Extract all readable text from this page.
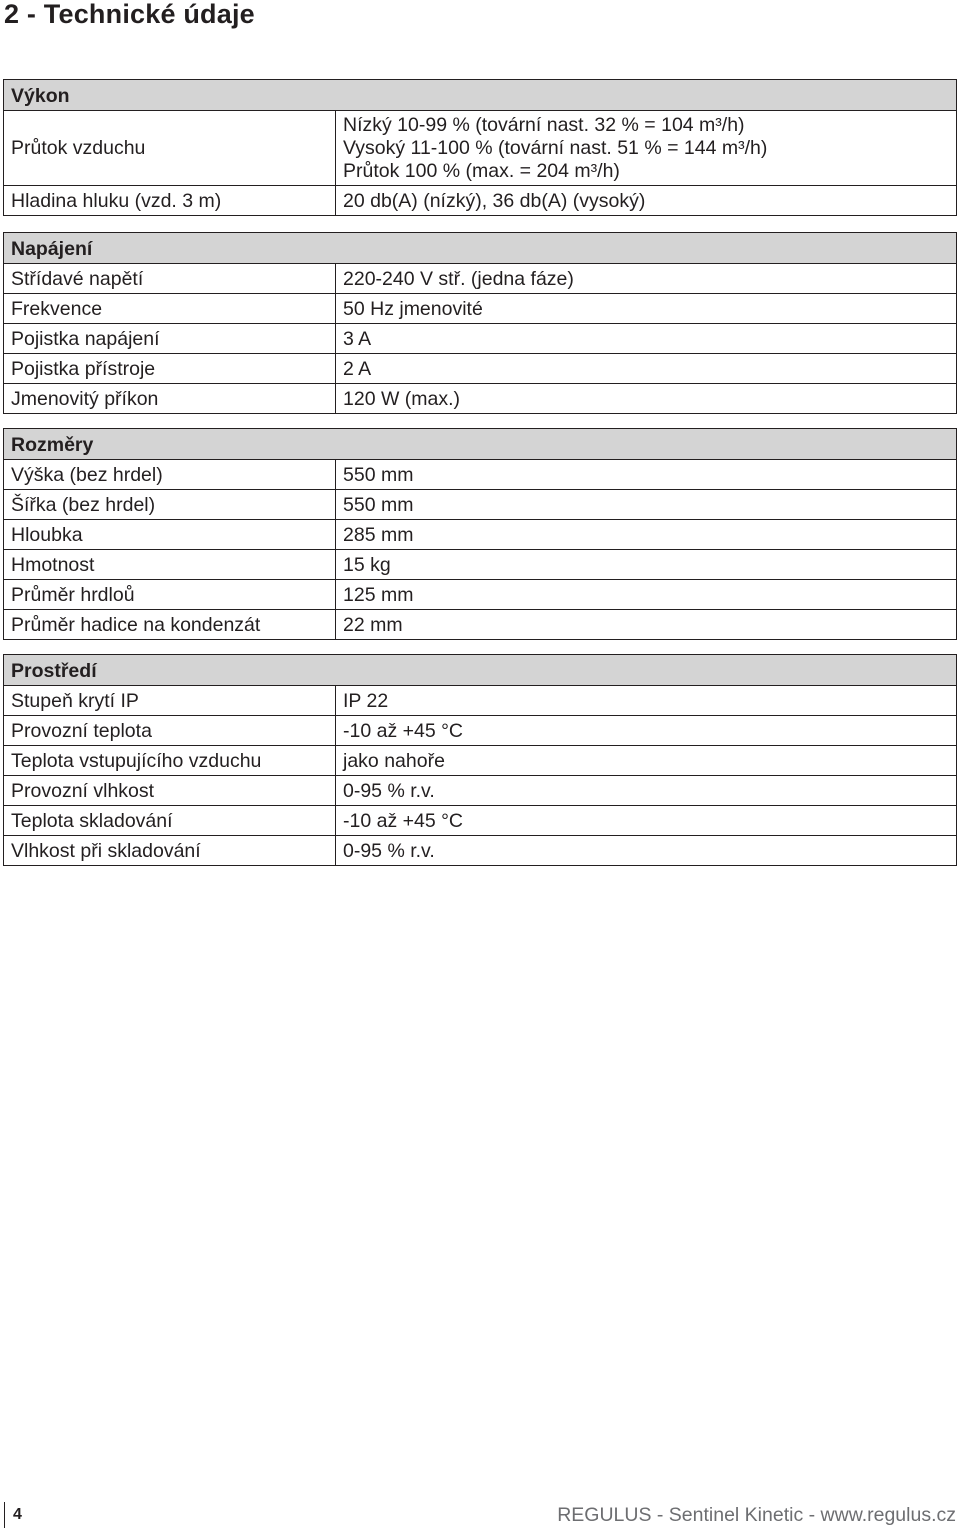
2 - Technické údaje
Výkon	
Průtok vzduchu	Nízký 10-99 % (tovární nast. 32 % = 104 m³/h)
Vysoký 11-100 % (tovární nast. 51 % = 144 m³/h)
Průtok 100 % (max. = 204 m³/h)

Hladina hluku (vzd. 3 m)	20 db(A) (nízký), 36 db(A) (vysoký)
Napájení	
Střídavé napětí	220-240 V stř. (jedna fáze)
Frekvence	50 Hz jmenovité
Pojistka napájení	3 A
Pojistka přístroje	2 A
Jmenovitý příkon	120 W (max.)
Rozměry	
Výška (bez hrdel)	550 mm
Šířka (bez hrdel)	550 mm
Hloubka	285 mm
Hmotnost	15 kg
Průměr hrdloů	125 mm
Průměr hadice na kondenzát	22 mm
Prostředí	
Stupeň krytí IP	IP 22
Provozní teplota	-10 až +45 °C
Teplota vstupujícího vzduchu	jako nahoře
Provozní vlhkost	0-95 % r.v.
Teplota skladování	-10 až +45 °C
Vlhkost při skladování	0-95 % r.v.
4	REGULUS - Sentinel Kinetic - www.regulus.cz
